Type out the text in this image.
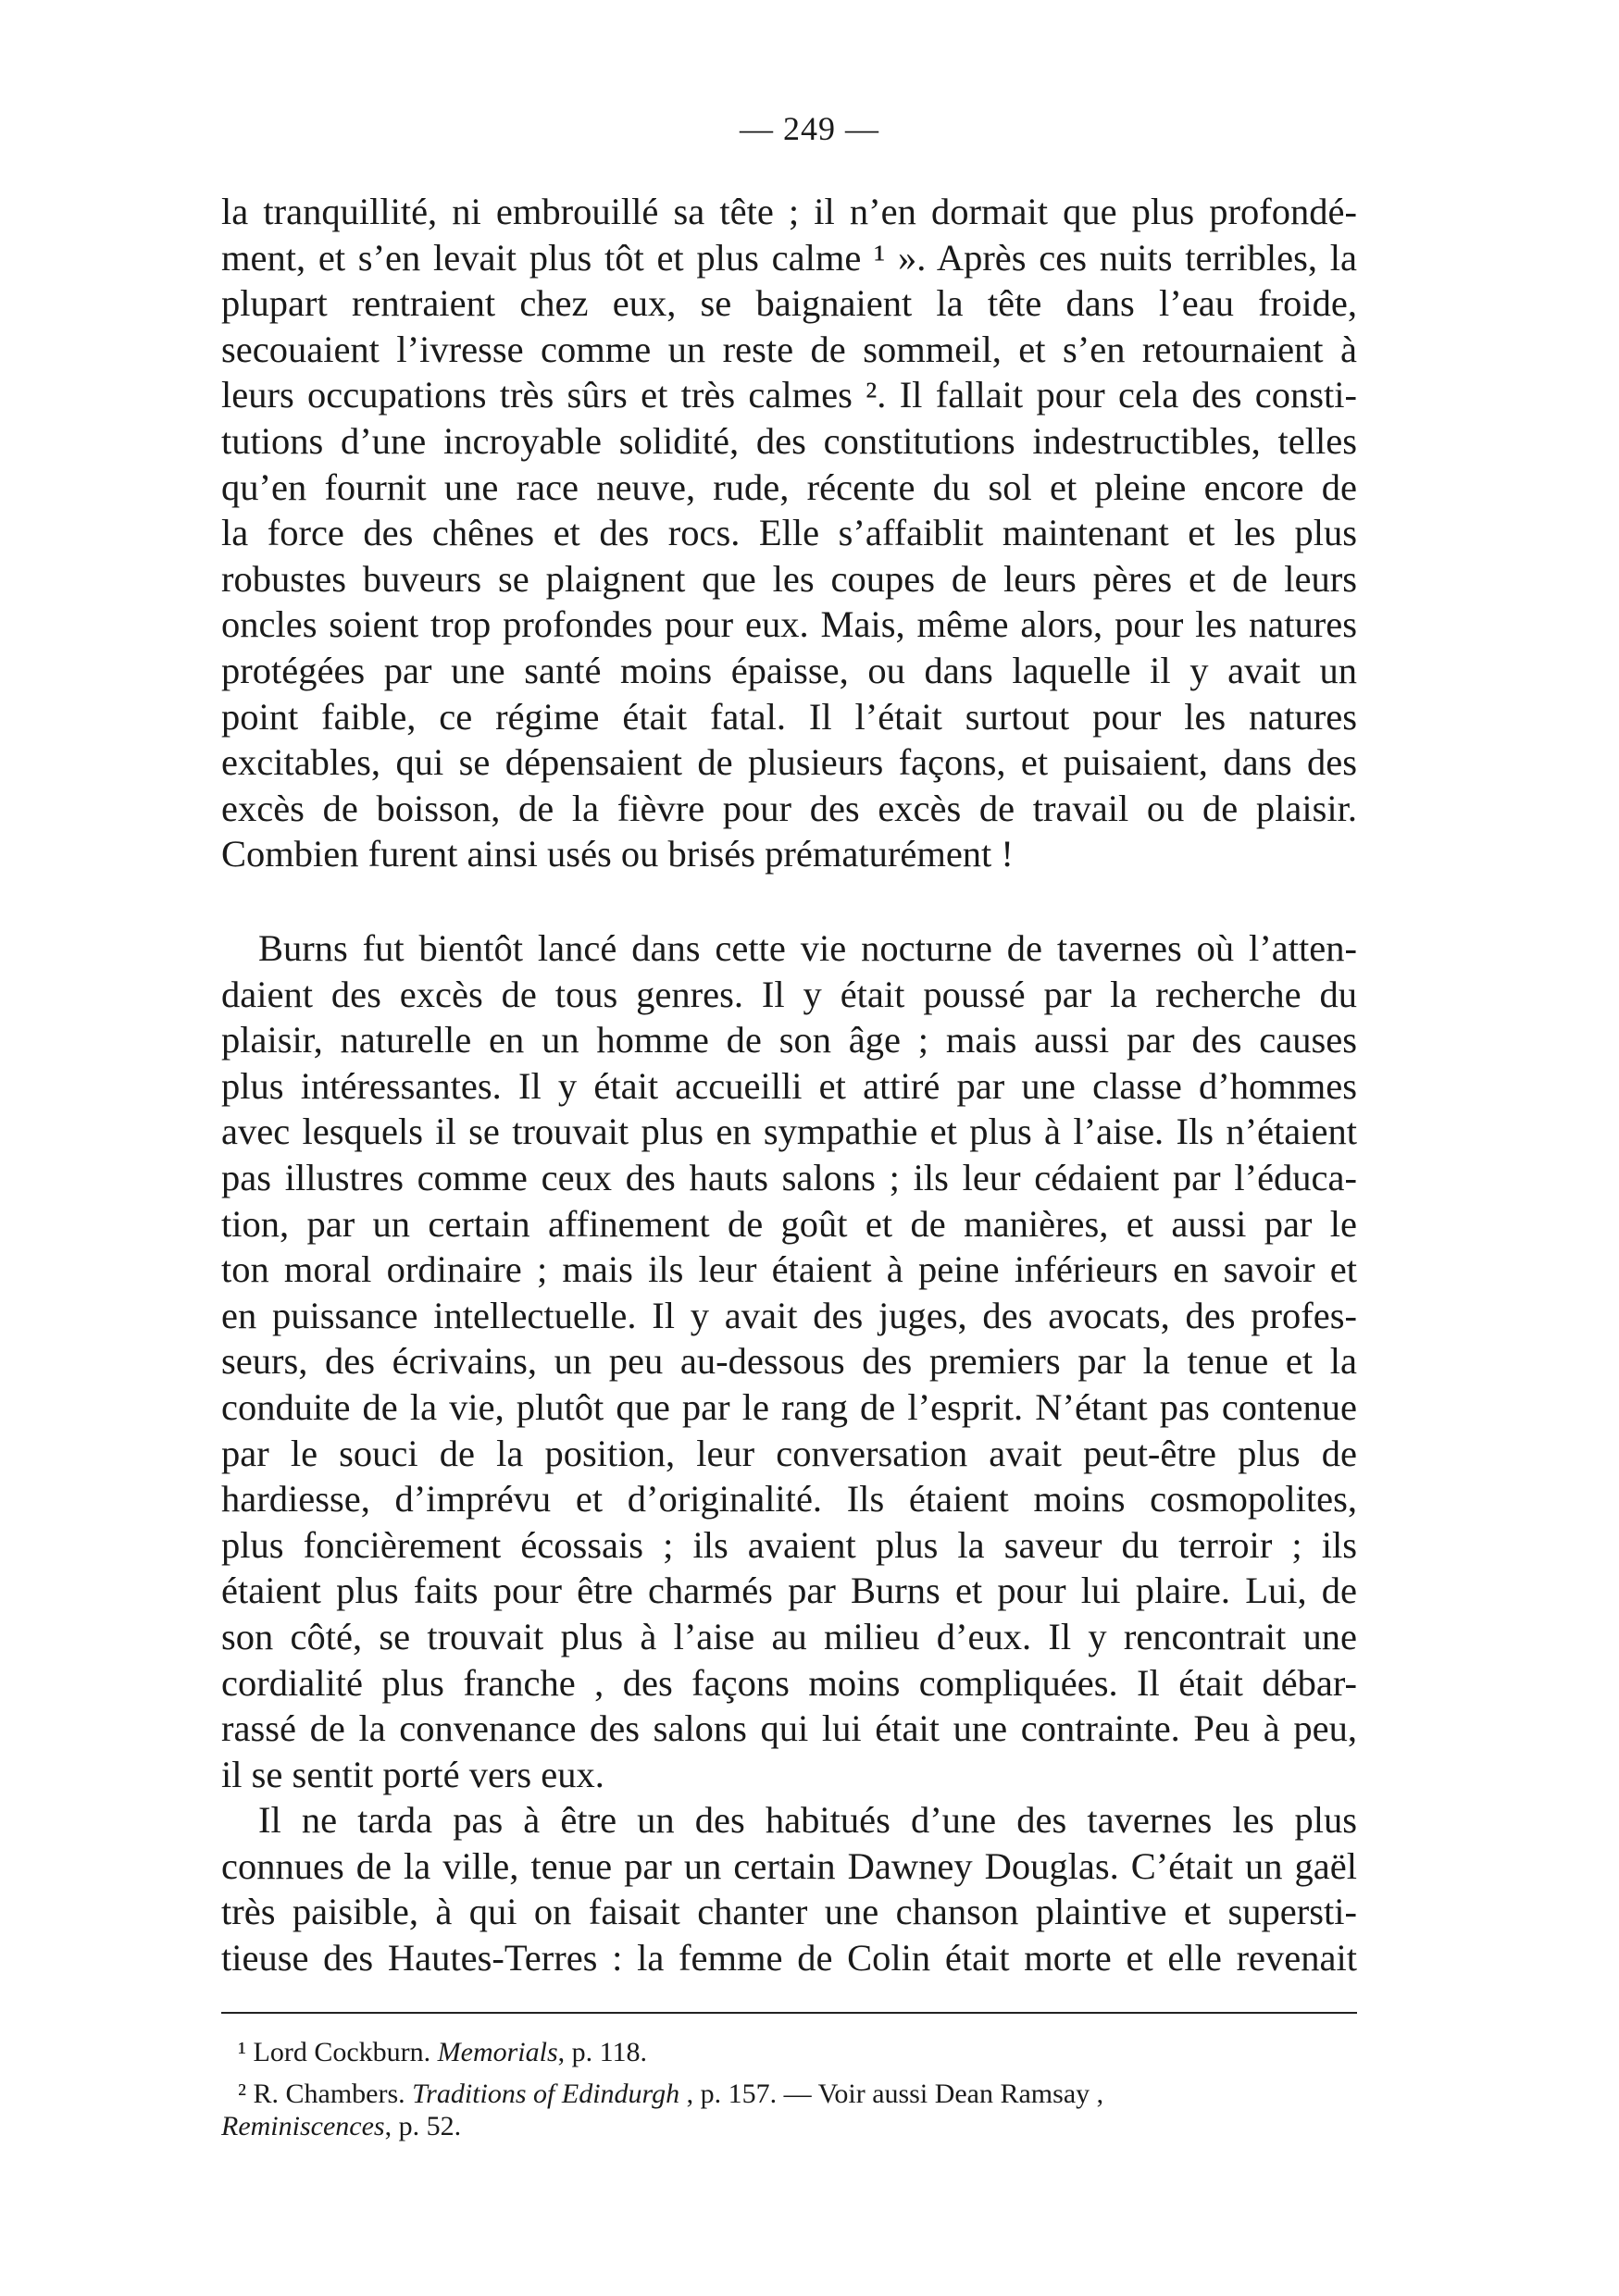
— 249 —
la tranquillité, ni embrouillé sa tête ; il n’en dormait que plus profondé-
ment, et s’en levait plus tôt et plus calme ¹ ». Après ces nuits terribles, la
plupart rentraient chez eux, se baignaient la tête dans l’eau froide,
secouaient l’ivresse comme un reste de sommeil, et s’en retournaient à
leurs occupations très sûrs et très calmes ². Il fallait pour cela des consti-
tutions d’une incroyable solidité, des constitutions indestructibles, telles
qu’en fournit une race neuve, rude, récente du sol et pleine encore de
la force des chênes et des rocs. Elle s’affaiblit maintenant et les plus
robustes buveurs se plaignent que les coupes de leurs pères et de leurs
oncles soient trop profondes pour eux. Mais, même alors, pour les natures
protégées par une santé moins épaisse, ou dans laquelle il y avait un
point faible, ce régime était fatal. Il l’était surtout pour les natures
excitables, qui se dépensaient de plusieurs façons, et puisaient, dans des
excès de boisson, de la fièvre pour des excès de travail ou de plaisir.
Combien furent ainsi usés ou brisés prématurément !
Burns fut bientôt lancé dans cette vie nocturne de tavernes où l’atten-
daient des excès de tous genres. Il y était poussé par la recherche du
plaisir, naturelle en un homme de son âge ; mais aussi par des causes
plus intéressantes. Il y était accueilli et attiré par une classe d’hommes
avec lesquels il se trouvait plus en sympathie et plus à l’aise. Ils n’étaient
pas illustres comme ceux des hauts salons ; ils leur cédaient par l’éduca-
tion, par un certain affinement de goût et de manières, et aussi par le
ton moral ordinaire ; mais ils leur étaient à peine inférieurs en savoir et
en puissance intellectuelle. Il y avait des juges, des avocats, des profes-
seurs, des écrivains, un peu au-dessous des premiers par la tenue et la
conduite de la vie, plutôt que par le rang de l’esprit. N’étant pas contenue
par le souci de la position, leur conversation avait peut-être plus de
hardiesse, d’imprévu et d’originalité. Ils étaient moins cosmopolites,
plus foncièrement écossais ; ils avaient plus la saveur du terroir ; ils
étaient plus faits pour être charmés par Burns et pour lui plaire. Lui, de
son côté, se trouvait plus à l’aise au milieu d’eux. Il y rencontrait une
cordialité plus franche , des façons moins compliquées. Il était débar-
rassé de la convenance des salons qui lui était une contrainte. Peu à peu,
il se sentit porté vers eux.
Il ne tarda pas à être un des habitués d’une des tavernes les plus
connues de la ville, tenue par un certain Dawney Douglas. C’était un gaël
très paisible, à qui on faisait chanter une chanson plaintive et supersti-
tieuse des Hautes-Terres : la femme de Colin était morte et elle revenait
¹ Lord Cockburn. Memorials, p. 118.
² R. Chambers. Traditions of Edindurgh , p. 157. — Voir aussi Dean Ramsay ,
Reminiscences, p. 52.
